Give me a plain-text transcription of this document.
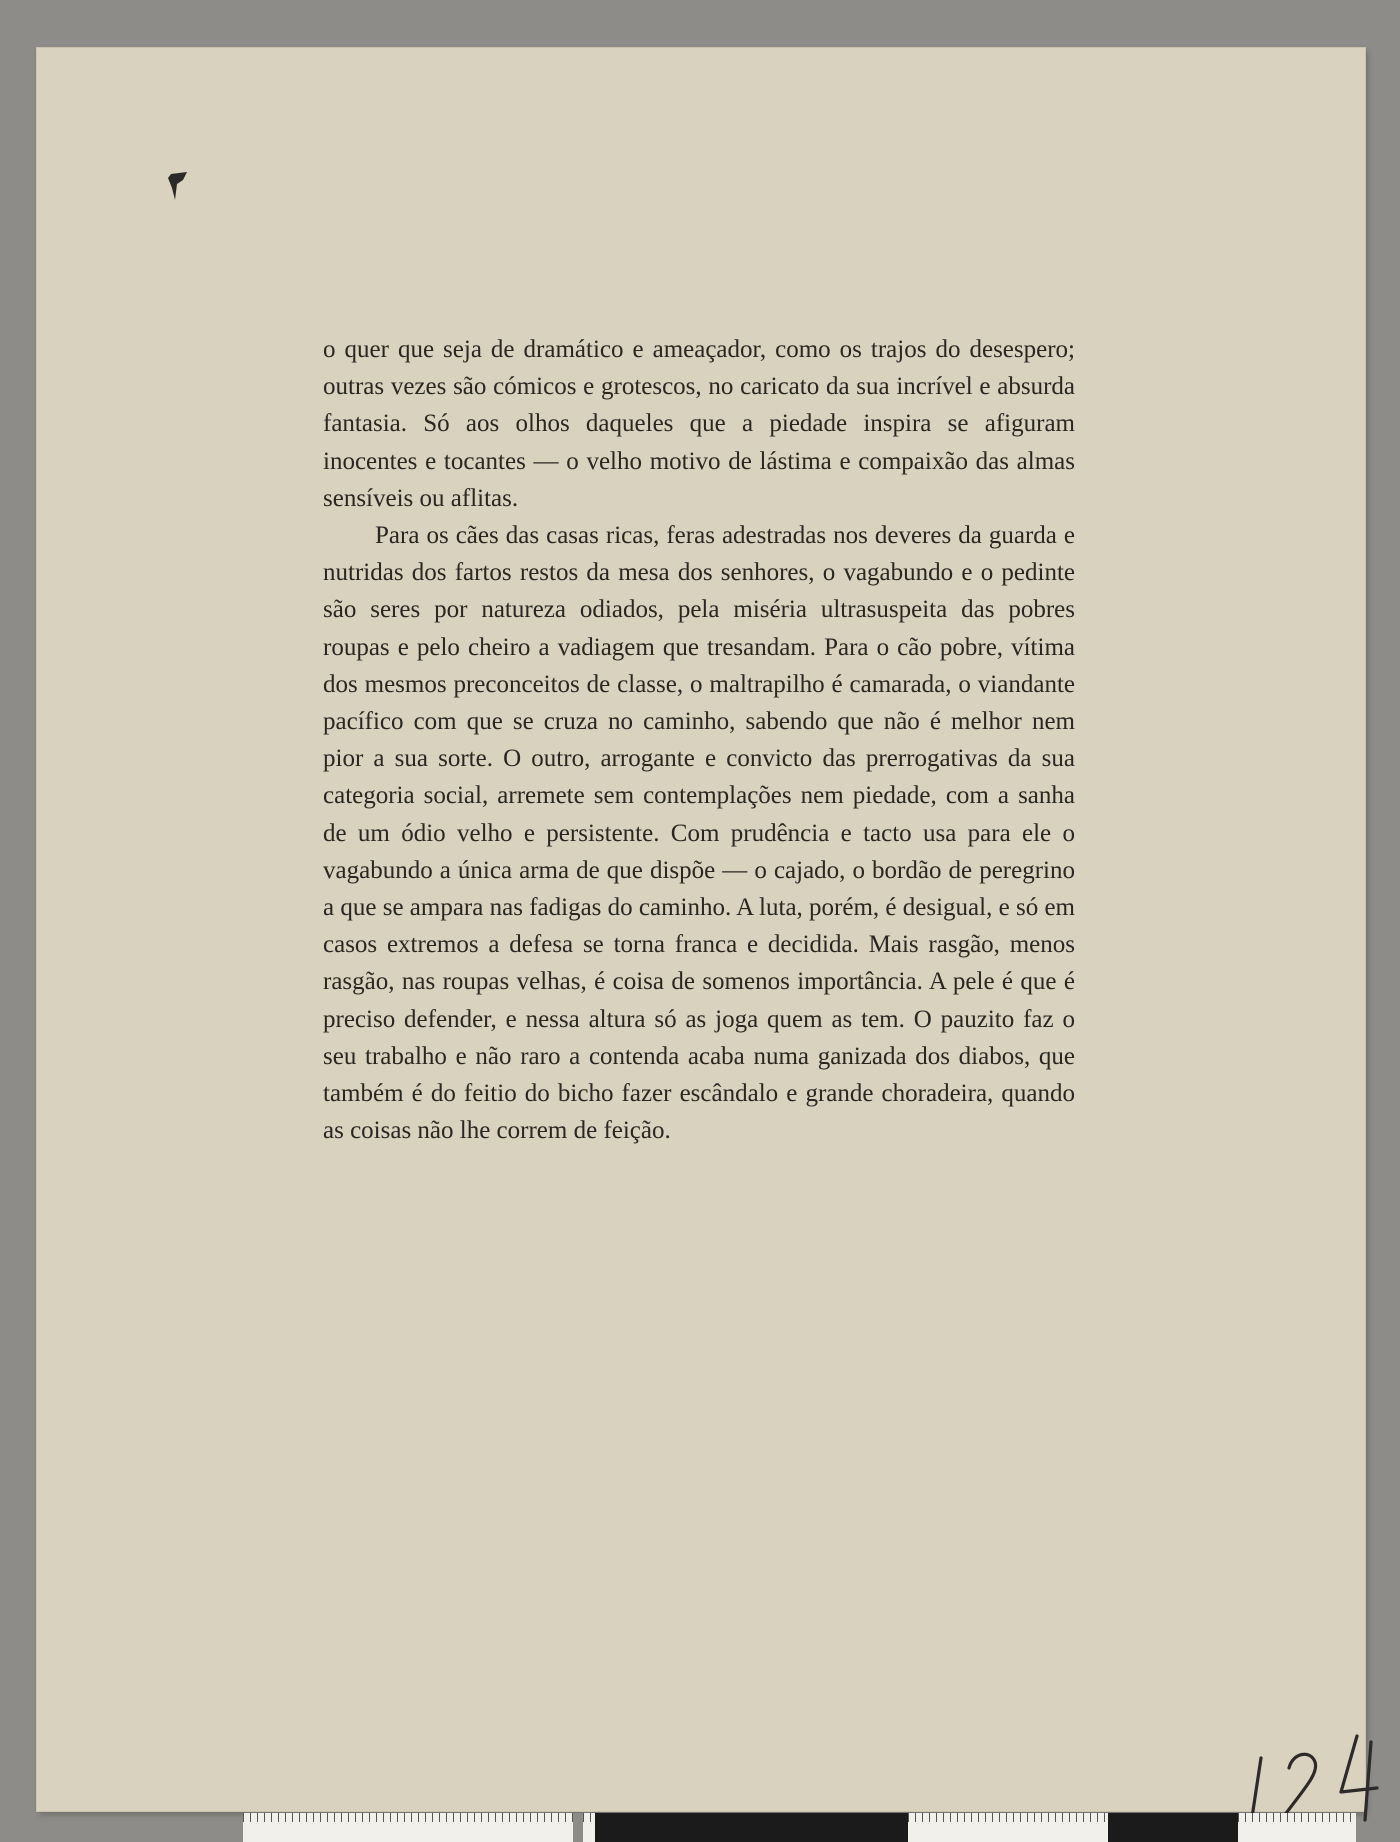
o quer que seja de dramático e ameaçador, como os trajos do desespero; outras vezes são cómicos e grotescos, no caricato da sua incrível e absurda fantasia. Só aos olhos daqueles que a piedade inspira se afiguram inocentes e tocantes — o velho motivo de lástima e compaixão das almas sensíveis ou aflitas.

Para os cães das casas ricas, feras adestradas nos deveres da guarda e nutridas dos fartos restos da mesa dos senhores, o vagabundo e o pedinte são seres por natureza odiados, pela miséria ultrasuspeita das pobres roupas e pelo cheiro a vadiagem que tresandam. Para o cão pobre, vítima dos mesmos preconceitos de classe, o maltrapilho é camarada, o viandante pacífico com que se cruza no caminho, sabendo que não é melhor nem pior a sua sorte. O outro, arrogante e convicto das prerrogativas da sua categoria social, arremete sem contemplações nem piedade, com a sanha de um ódio velho e persistente. Com prudência e tacto usa para ele o vagabundo a única arma de que dispõe — o cajado, o bordão de peregrino a que se ampara nas fadigas do caminho. A luta, porém, é desigual, e só em casos extremos a defesa se torna franca e decidida. Mais rasgão, menos rasgão, nas roupas velhas, é coisa de somenos importância. A pele é que é preciso defender, e nessa altura só as joga quem as tem. O pauzito faz o seu trabalho e não raro a contenda acaba numa ganizada dos diabos, que também é do feitio do bicho fazer escândalo e grande choradeira, quando as coisas não lhe correm de feição.
